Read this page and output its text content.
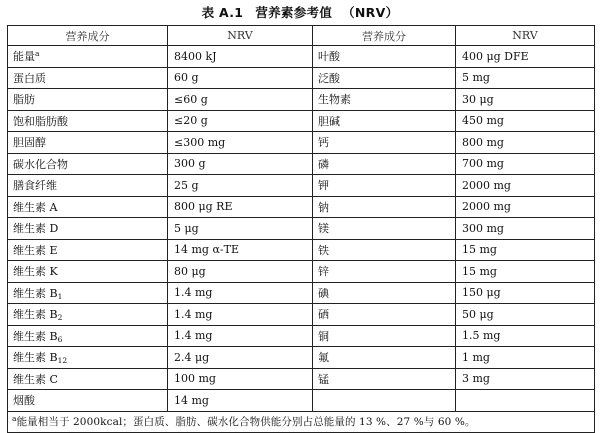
表 A.1 营养素参考值 （NRV）
营养成分	NRV	营养成分	NRV
能量$^a$	8400 kJ	叶酸	400 μg DFE
蛋白质	60 g	泛酸	5 mg
脂肪	≤60 g	生物素	30 μg
饱和脂肪酸	≤20 g	胆碱	450 mg
胆固醇	≤300 mg	钙	800 mg
碳水化合物	300 g	磷	700 mg
膳食纤维	25 g	钾	2000 mg
维生素 A	800 μg RE	钠	2000 mg
维生素 D	5 μg	镁	300 mg
维生素 E	14 mg α-TE	铁	15 mg
维生素 K	80 μg	锌	15 mg
维生素 $B_1$	1.4 mg	碘	150 μg
维生素 $B_2$	1.4 mg	硒	50 μg
维生素 $B_6$	1.4 mg	铜	1.5 mg
维生素 $B_{12}$	2.4 μg	氟	1 mg
维生素 C	100 mg	锰	3 mg
烟酸	14 mg		
$^a$能量相当于 2000kcal；蛋白质、脂肪、碳水化合物供能分别占总能量的 13 %、27 %与 60 %。			
